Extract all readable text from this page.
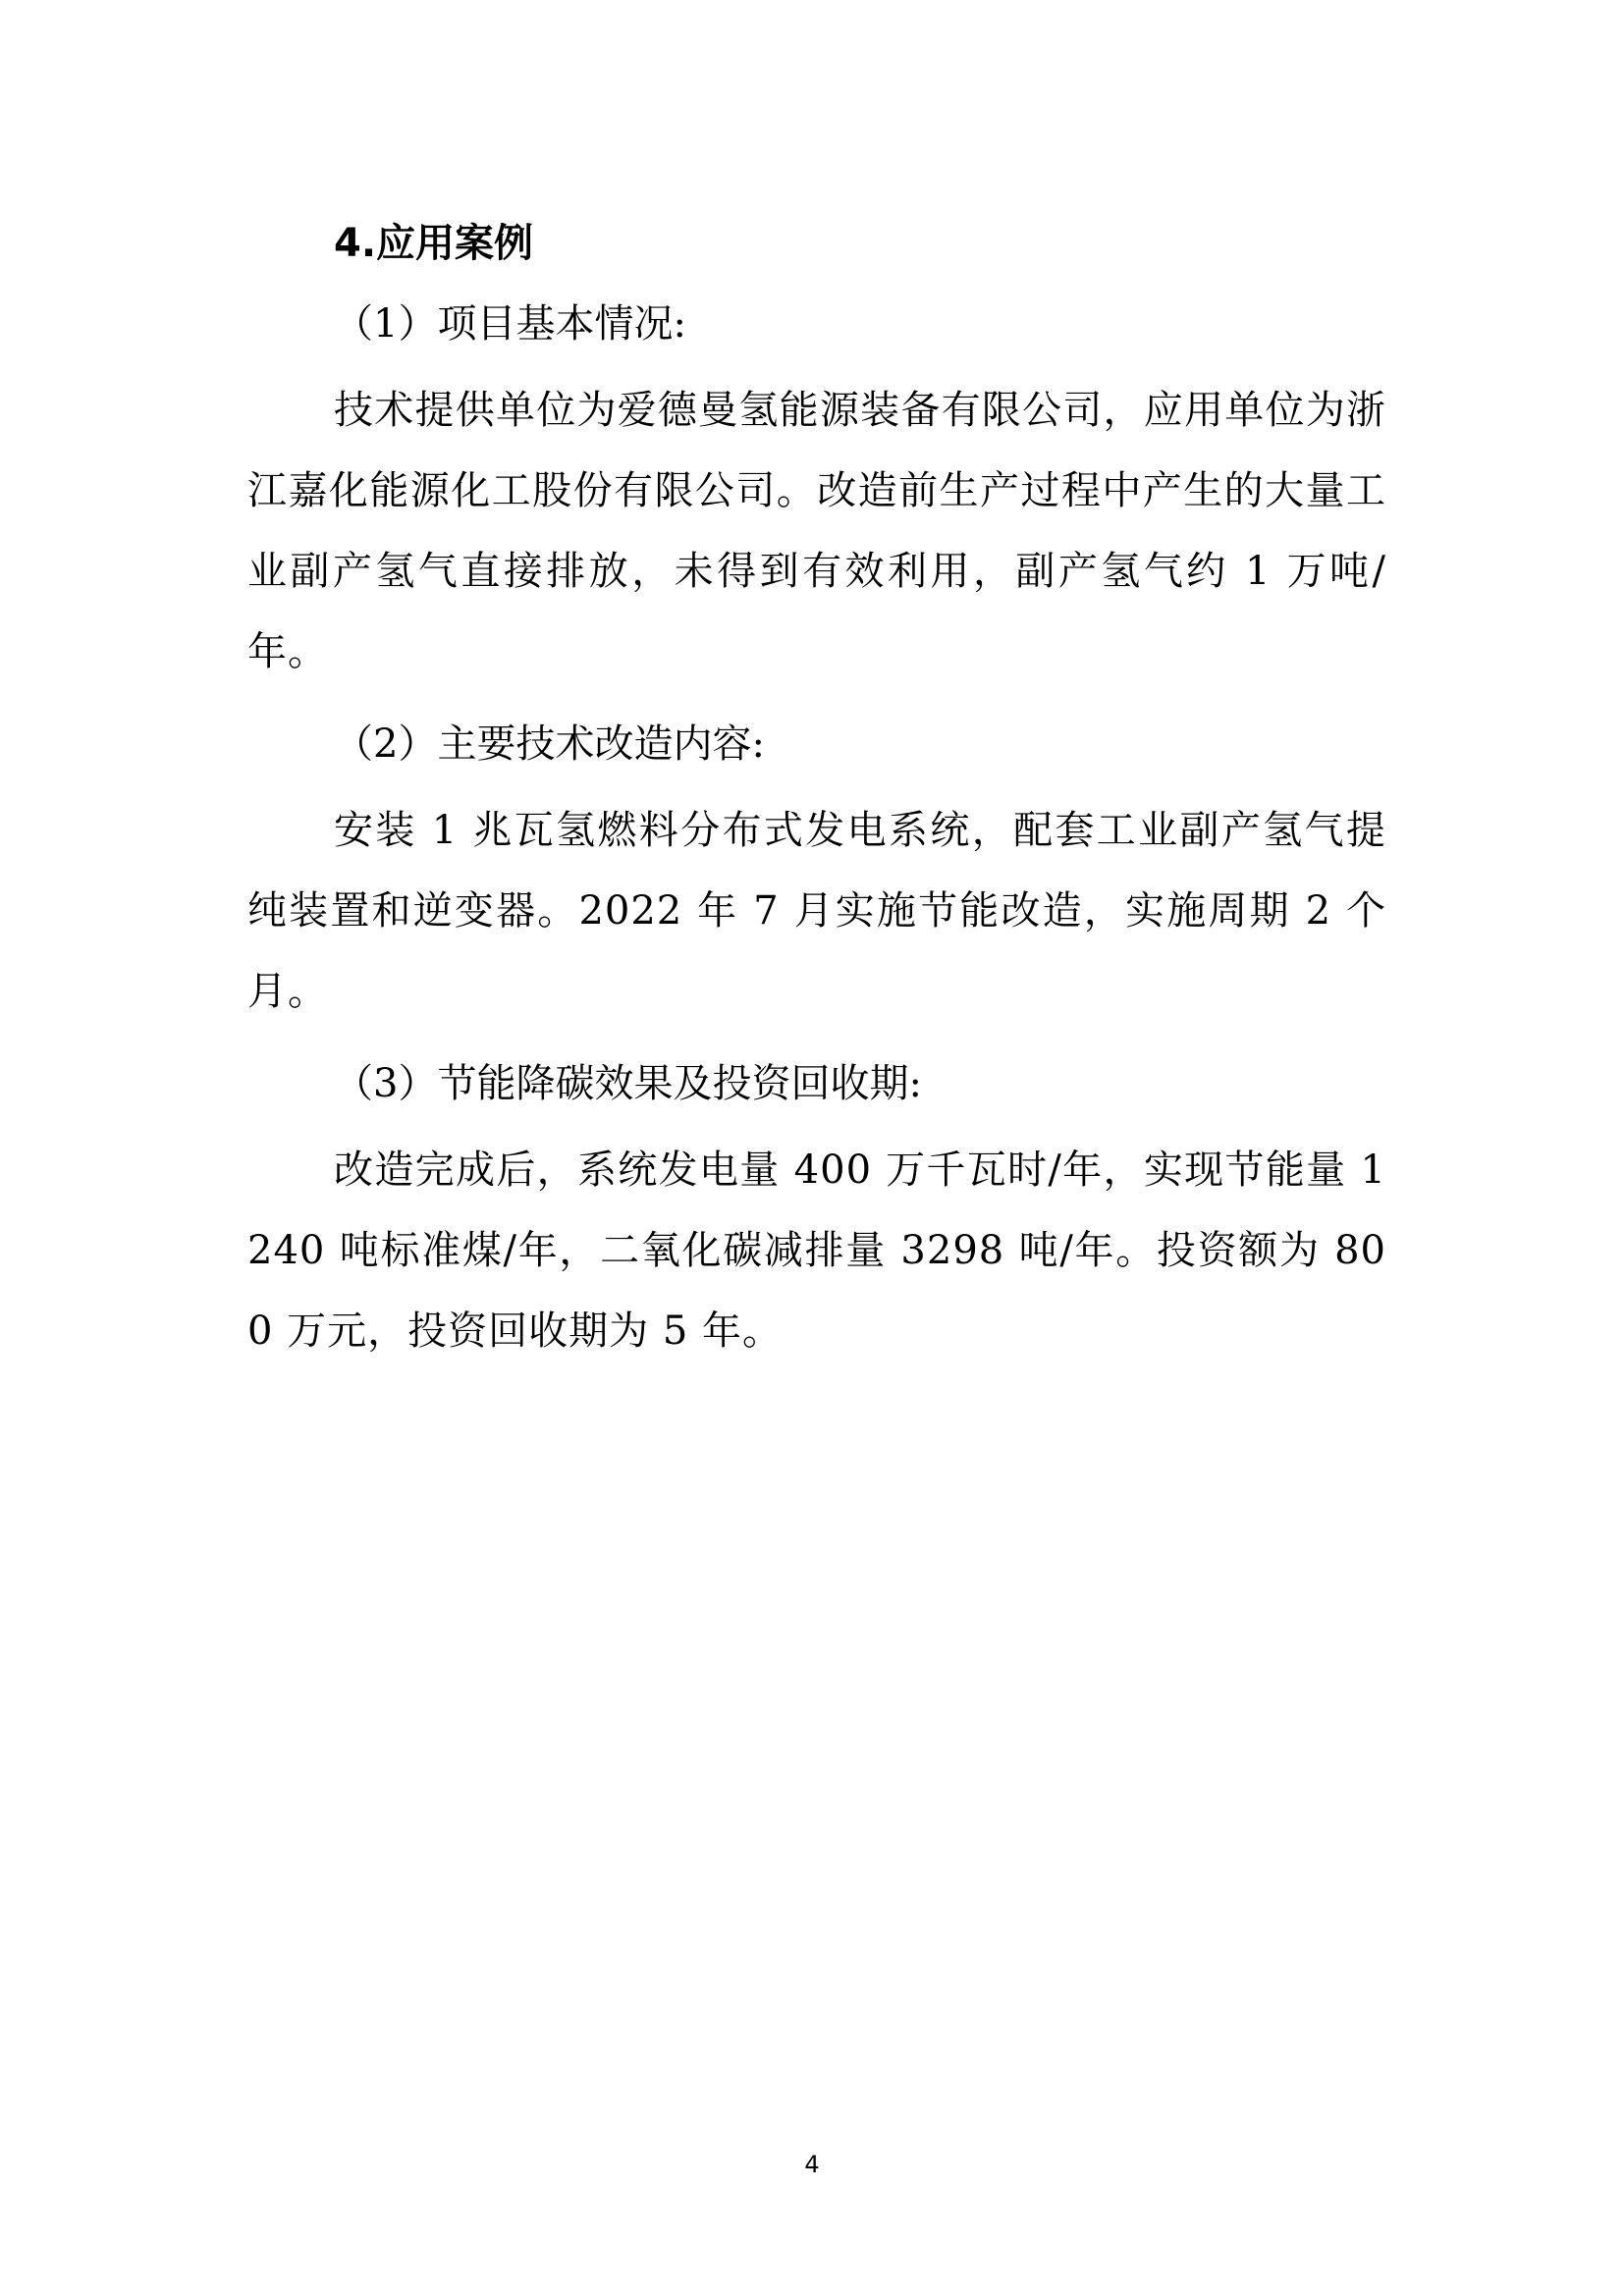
4.应用案例

（1）项目基本情况:

技术提供单位为爱德曼氢能源装备有限公司，应用单位为浙江嘉化能源化工股份有限公司。改造前生产过程中产生的大量工业副产氢气直接排放，未得到有效利用，副产氢气约 1 万吨/年。

（2）主要技术改造内容:

安装 1 兆瓦氢燃料分布式发电系统，配套工业副产氢气提纯装置和逆变器。2022 年 7 月实施节能改造，实施周期 2 个月。

（3）节能降碳效果及投资回收期:

改造完成后，系统发电量 400 万千瓦时/年，实现节能量 1240 吨标准煤/年，二氧化碳减排量 3298 吨/年。投资额为 800 万元，投资回收期为 5 年。

4
